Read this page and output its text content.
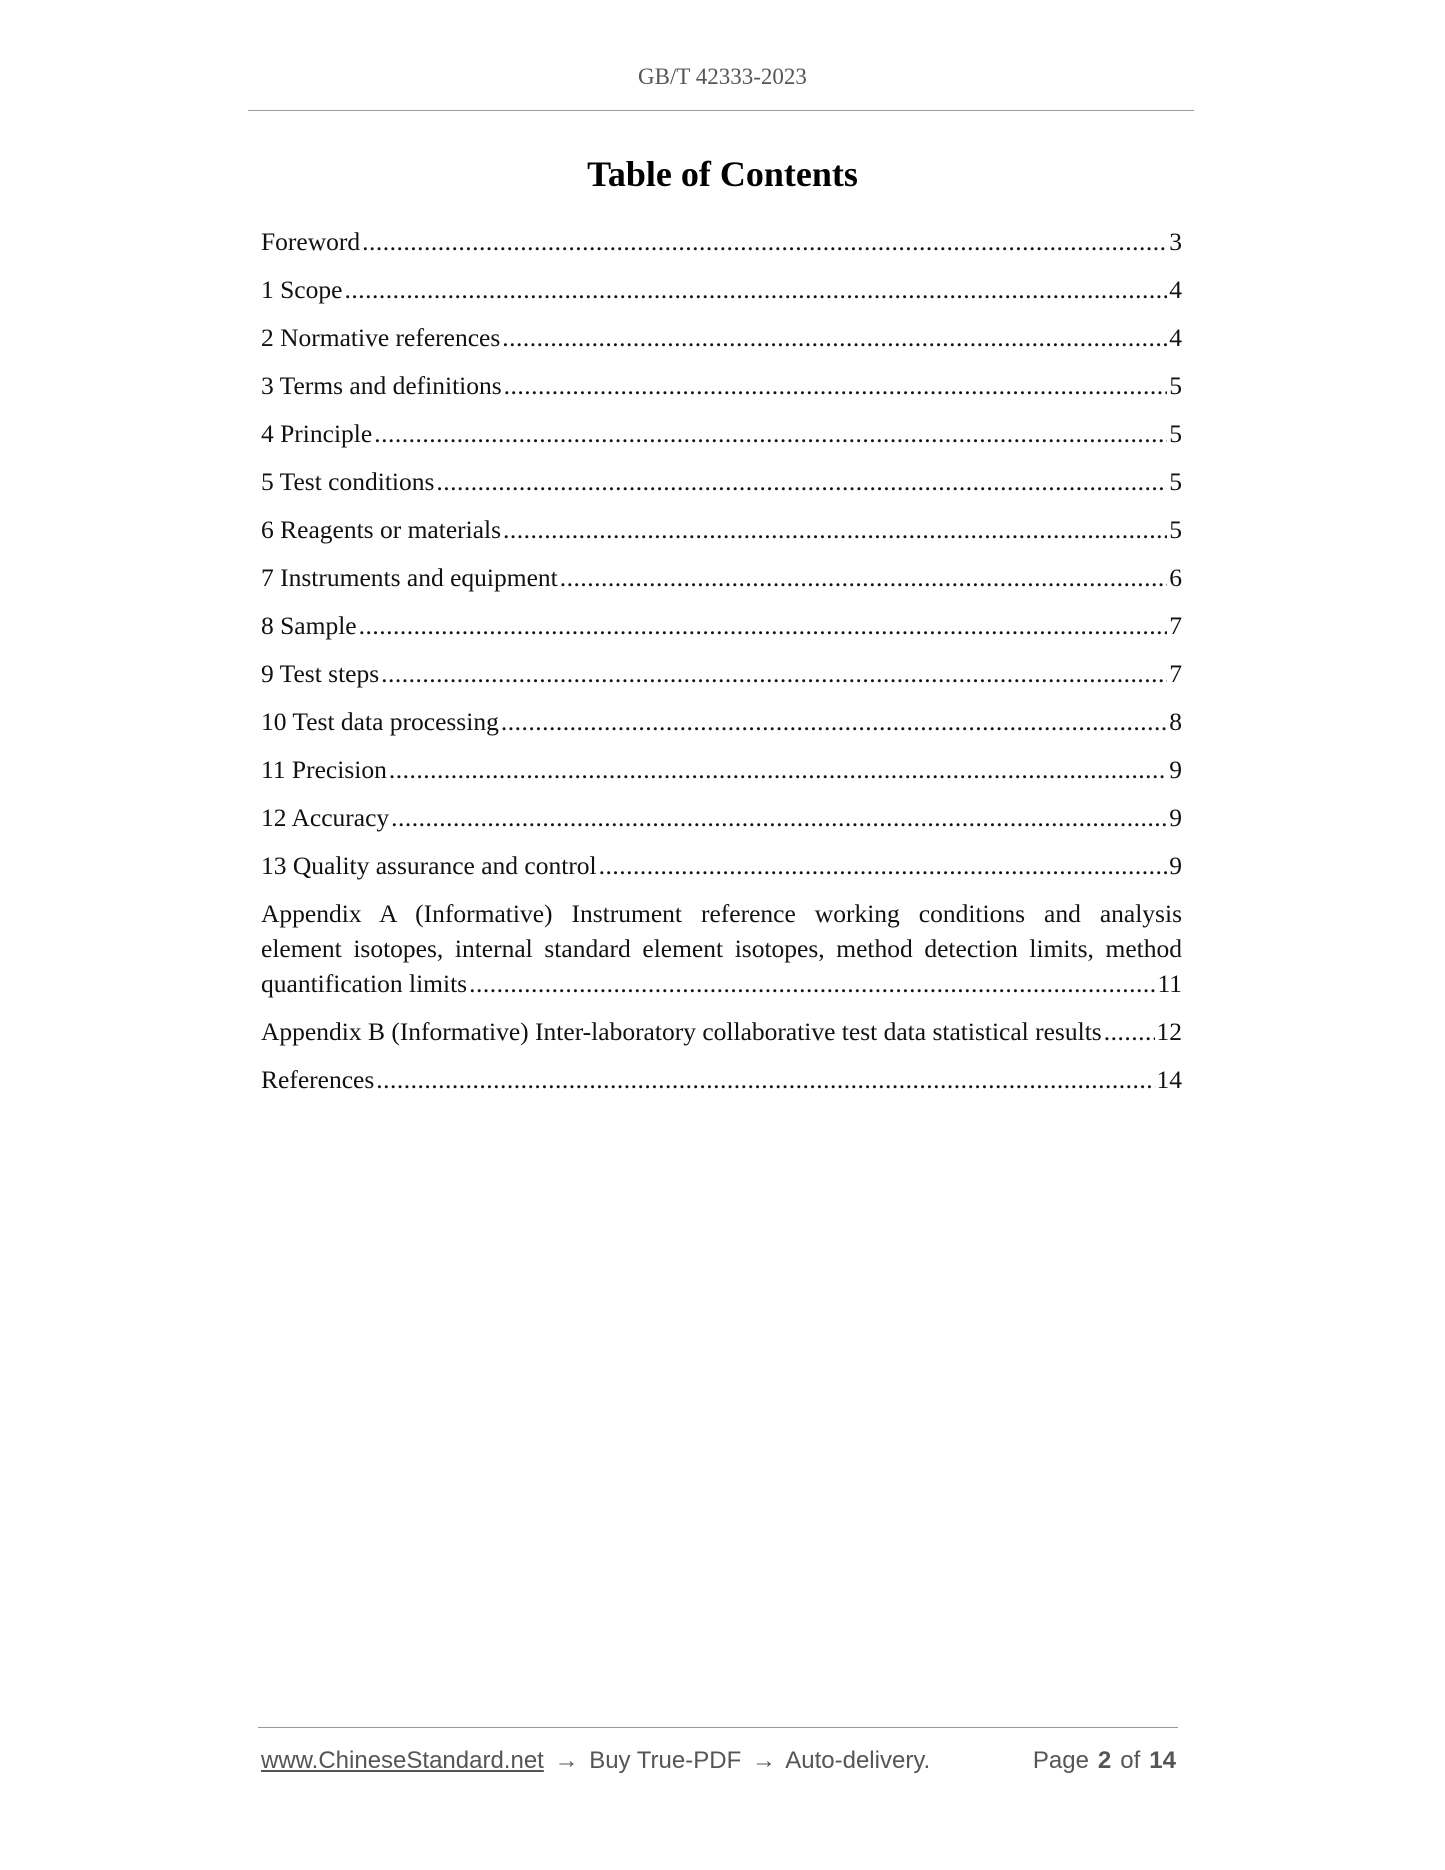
GB/T 42333-2023
Table of Contents
Foreword .....	3
1 Scope .....	4
2 Normative references .....	4
3 Terms and definitions .....	5
4 Principle .....	5
5 Test conditions .....	5
6 Reagents or materials .....	5
7 Instruments and equipment .....	6
8 Sample .....	7
9 Test steps .....	7
10 Test data processing .....	8
11 Precision .....	9
12 Accuracy .....	9
13 Quality assurance and control .....	9
Appendix A (Informative) Instrument reference working conditions and analysis
element isotopes, internal standard element isotopes, method detection limits, method
quantification limits .....	11
Appendix B (Informative) Inter-laboratory collaborative test data statistical results ..... 12
References .....	14
www.ChineseStandard.net → Buy True-PDF → Auto-delivery.	Page 2 of 14
